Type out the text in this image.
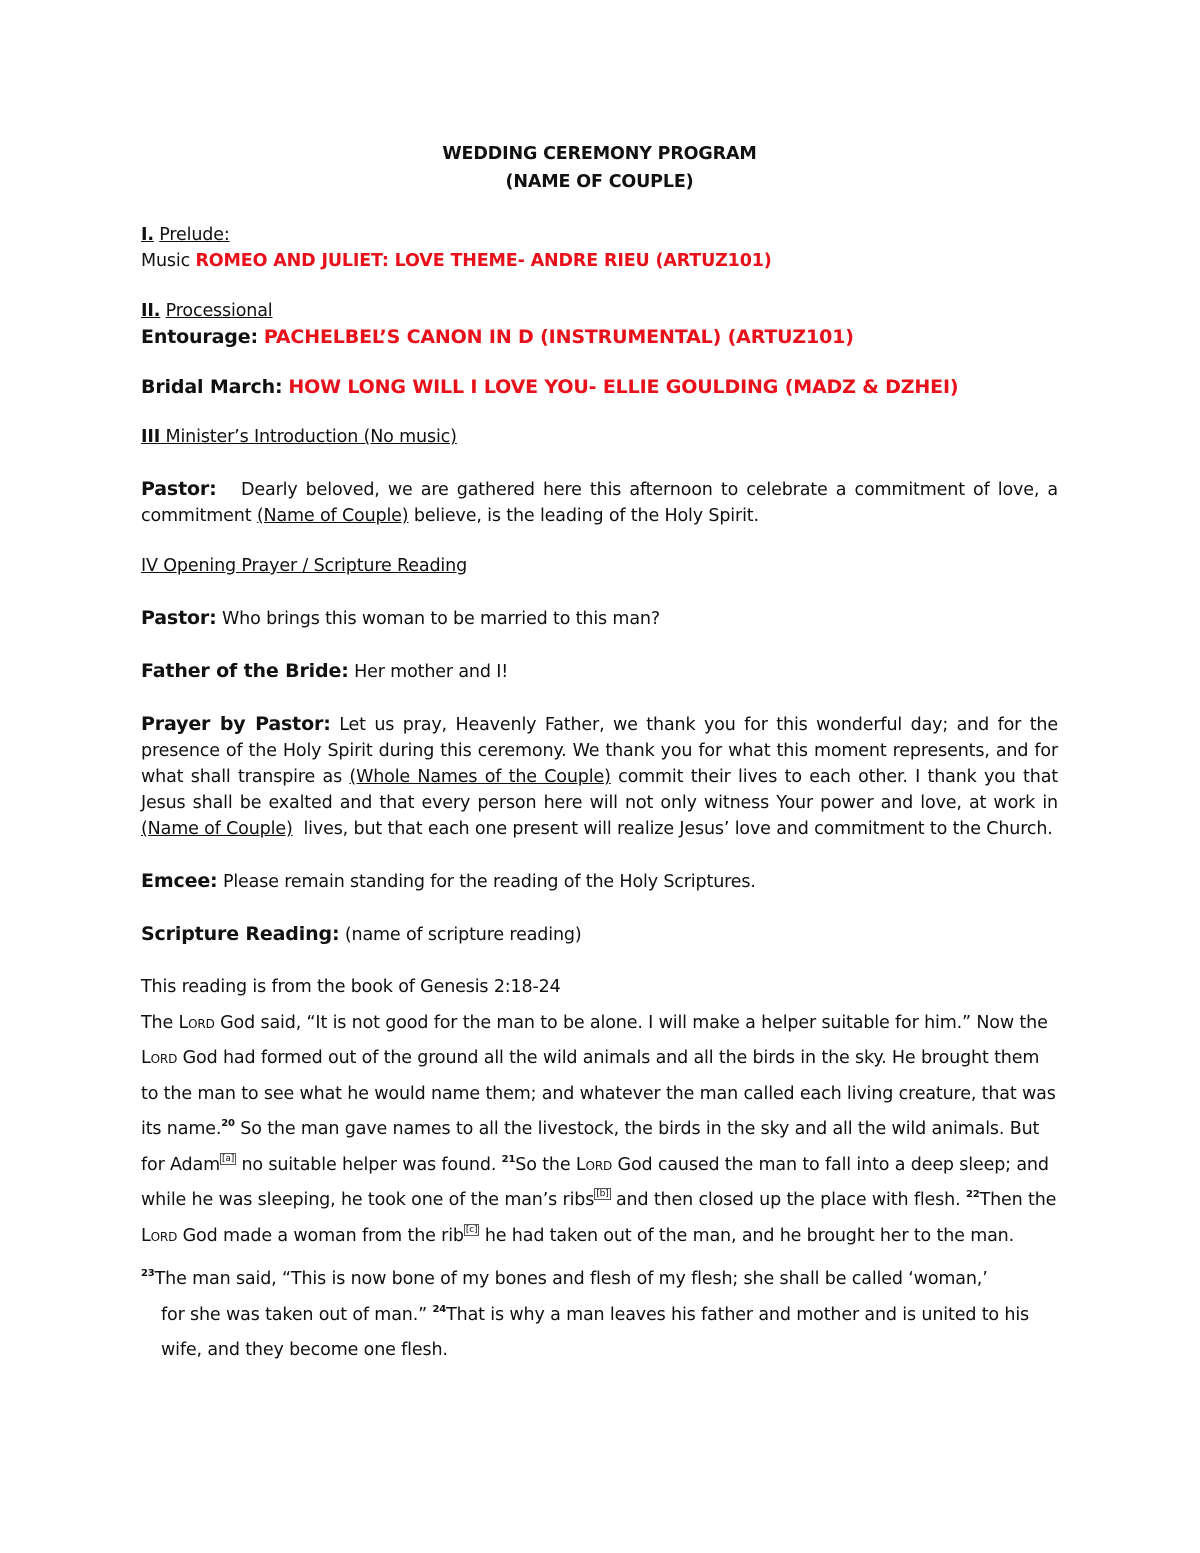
WEDDING CEREMONY PROGRAM

(NAME OF COUPLE)

I. Prelude:
Music ROMEO AND JULIET: LOVE THEME- ANDRE RIEU (ARTUZ101)
II. Processional
Entourage: PACHELBEL’S CANON IN D (INSTRUMENTAL) (ARTUZ101)
Bridal March: HOW LONG WILL I LOVE YOU- ELLIE GOULDING (MADZ & DZHEI)
III Minister’s Introduction (No music)
Pastor: Dearly beloved, we are gathered here this afternoon to celebrate a commitment of love, a commitment (Name of Couple) believe, is the leading of the Holy Spirit.
IV Opening Prayer / Scripture Reading
Pastor: Who brings this woman to be married to this man?
Father of the Bride: Her mother and I!
Prayer by Pastor: Let us pray, Heavenly Father, we thank you for this wonderful day; and for the presence of the Holy Spirit during this ceremony. We thank you for what this moment represents, and for what shall transpire as (Whole Names of the Couple) commit their lives to each other. I thank you that Jesus shall be exalted and that every person here will not only witness Your power and love, at work in (Name of Couple) lives, but that each one present will realize Jesus’ love and commitment to the Church.
Emcee: Please remain standing for the reading of the Holy Scriptures.
Scripture Reading: (name of scripture reading)
This reading is from the book of Genesis 2:18-24
The Lord God said, “It is not good for the man to be alone. I will make a helper suitable for him.” Now the Lord God had formed out of the ground all the wild animals and all the birds in the sky. He brought them to the man to see what he would name them; and whatever the man called each living creature, that was its name.$^{20}$ So the man gave names to all the livestock, the birds in the sky and all the wild animals. But for Adam [a] no suitable helper was found. $^{21}$So the Lord God caused the man to fall into a deep sleep; and while he was sleeping, he took one of the man’s ribs [b] and then closed up the place with flesh. $^{22}$Then the Lord God made a woman from the rib [c] he had taken out of the man, and he brought her to the man.
$^{23}$The man said, “This is now bone of my bones and flesh of my flesh; she shall be called ‘woman,’
for she was taken out of man.” $^{24}$That is why a man leaves his father and mother and is united to his wife, and they become one flesh.
